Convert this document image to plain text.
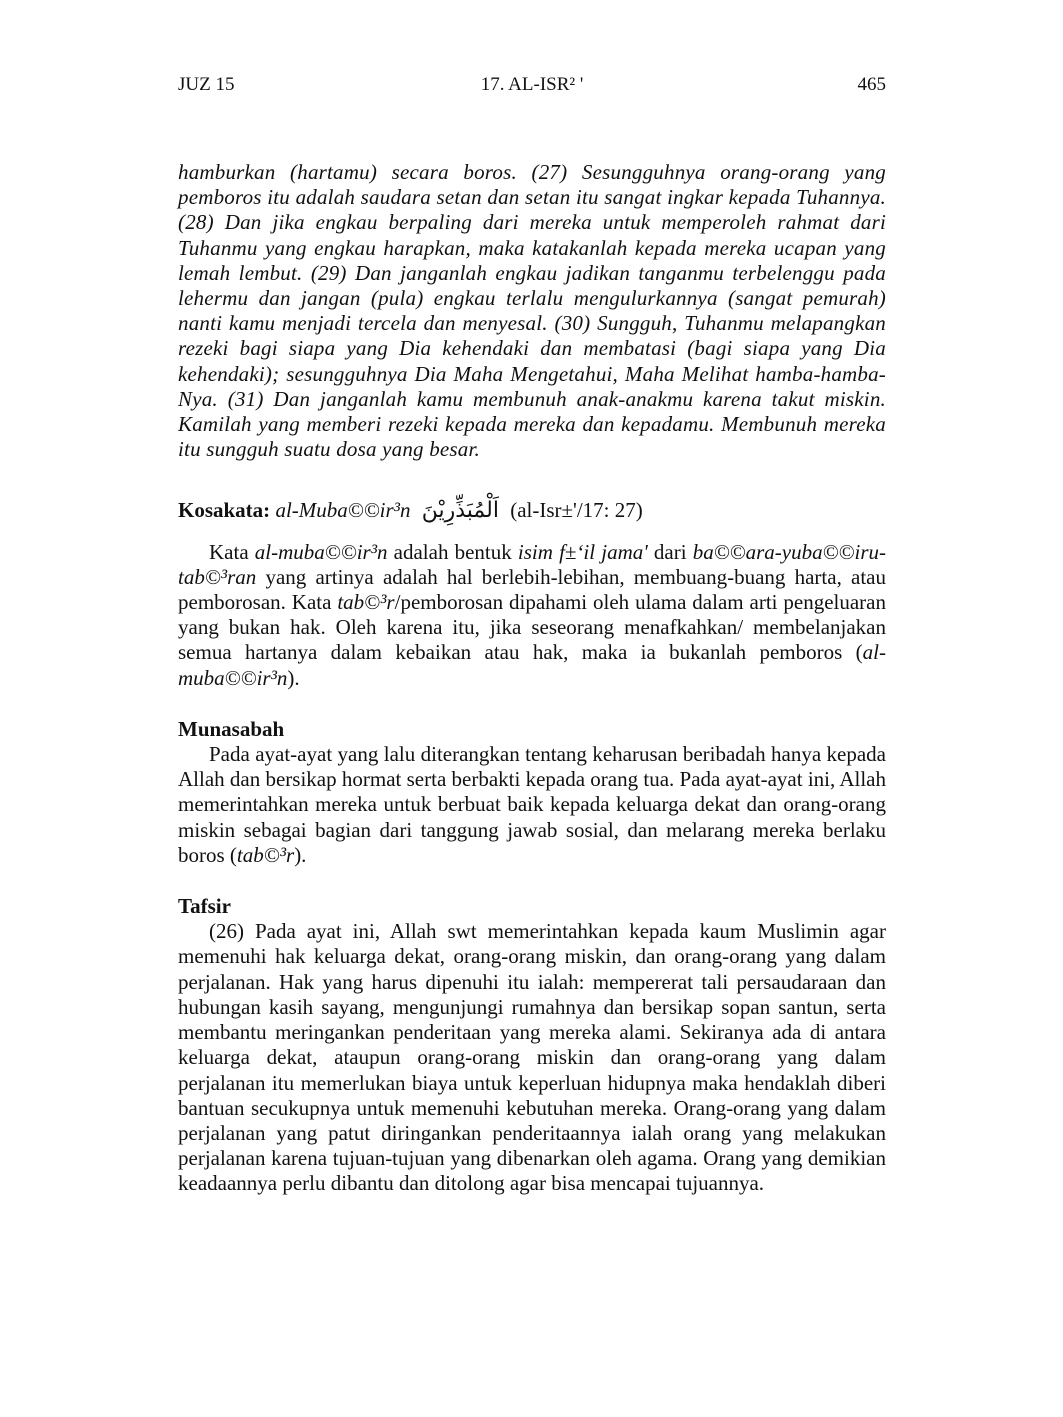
JUZ 15	17. AL-ISR² '	465

hamburkan (hartamu) secara boros. (27) Sesungguhnya orang-orang yang pemboros itu adalah saudara setan dan setan itu sangat ingkar kepada Tuhannya. (28) Dan jika engkau berpaling dari mereka untuk memperoleh rahmat dari Tuhanmu yang engkau harapkan, maka katakanlah kepada mereka ucapan yang lemah lembut. (29) Dan janganlah engkau jadikan tanganmu terbelenggu pada lehermu dan jangan (pula) engkau terlalu mengulurkannya (sangat pemurah) nanti kamu menjadi tercela dan menyesal. (30) Sungguh, Tuhanmu melapangkan rezeki bagi siapa yang Dia kehendaki dan membatasi (bagi siapa yang Dia kehendaki); sesungguhnya Dia Maha Mengetahui, Maha Melihat hamba-hamba-Nya. (31) Dan janganlah kamu membunuh anak-anakmu karena takut miskin. Kamilah yang memberi rezeki kepada mereka dan kepadamu. Membunuh mereka itu sungguh suatu dosa yang besar.

Kosakata: al-Muba©©ir³n اَلْمُبَذِّرِيْنَ (al-Isr±'/17: 27)

Kata al-muba©©ir³n adalah bentuk isim f±‘il jama' dari ba©©ara-yuba©©iru-tab©³ran yang artinya adalah hal berlebih-lebihan, membuang-buang harta, atau pemborosan. Kata tab©³r/pemborosan dipahami oleh ulama dalam arti pengeluaran yang bukan hak. Oleh karena itu, jika seseorang menafkahkan/ membelanjakan semua hartanya dalam kebaikan atau hak, maka ia bukanlah pemboros (al-muba©©ir³n).

Munasabah

Pada ayat-ayat yang lalu diterangkan tentang keharusan beribadah hanya kepada Allah dan bersikap hormat serta berbakti kepada orang tua. Pada ayat-ayat ini, Allah memerintahkan mereka untuk berbuat baik kepada keluarga dekat dan orang-orang miskin sebagai bagian dari tanggung jawab sosial, dan melarang mereka berlaku boros (tab©³r).

Tafsir

(26) Pada ayat ini, Allah swt memerintahkan kepada kaum Muslimin agar memenuhi hak keluarga dekat, orang-orang miskin, dan orang-orang yang dalam perjalanan. Hak yang harus dipenuhi itu ialah: mempererat tali persaudaraan dan hubungan kasih sayang, mengunjungi rumahnya dan bersikap sopan santun, serta membantu meringankan penderitaan yang mereka alami. Sekiranya ada di antara keluarga dekat, ataupun orang-orang miskin dan orang-orang yang dalam perjalanan itu memerlukan biaya untuk keperluan hidupnya maka hendaklah diberi bantuan secukupnya untuk memenuhi kebutuhan mereka. Orang-orang yang dalam perjalanan yang patut diringankan penderitaannya ialah orang yang melakukan perjalanan karena tujuan-tujuan yang dibenarkan oleh agama. Orang yang demikian keadaannya perlu dibantu dan ditolong agar bisa mencapai tujuannya.
